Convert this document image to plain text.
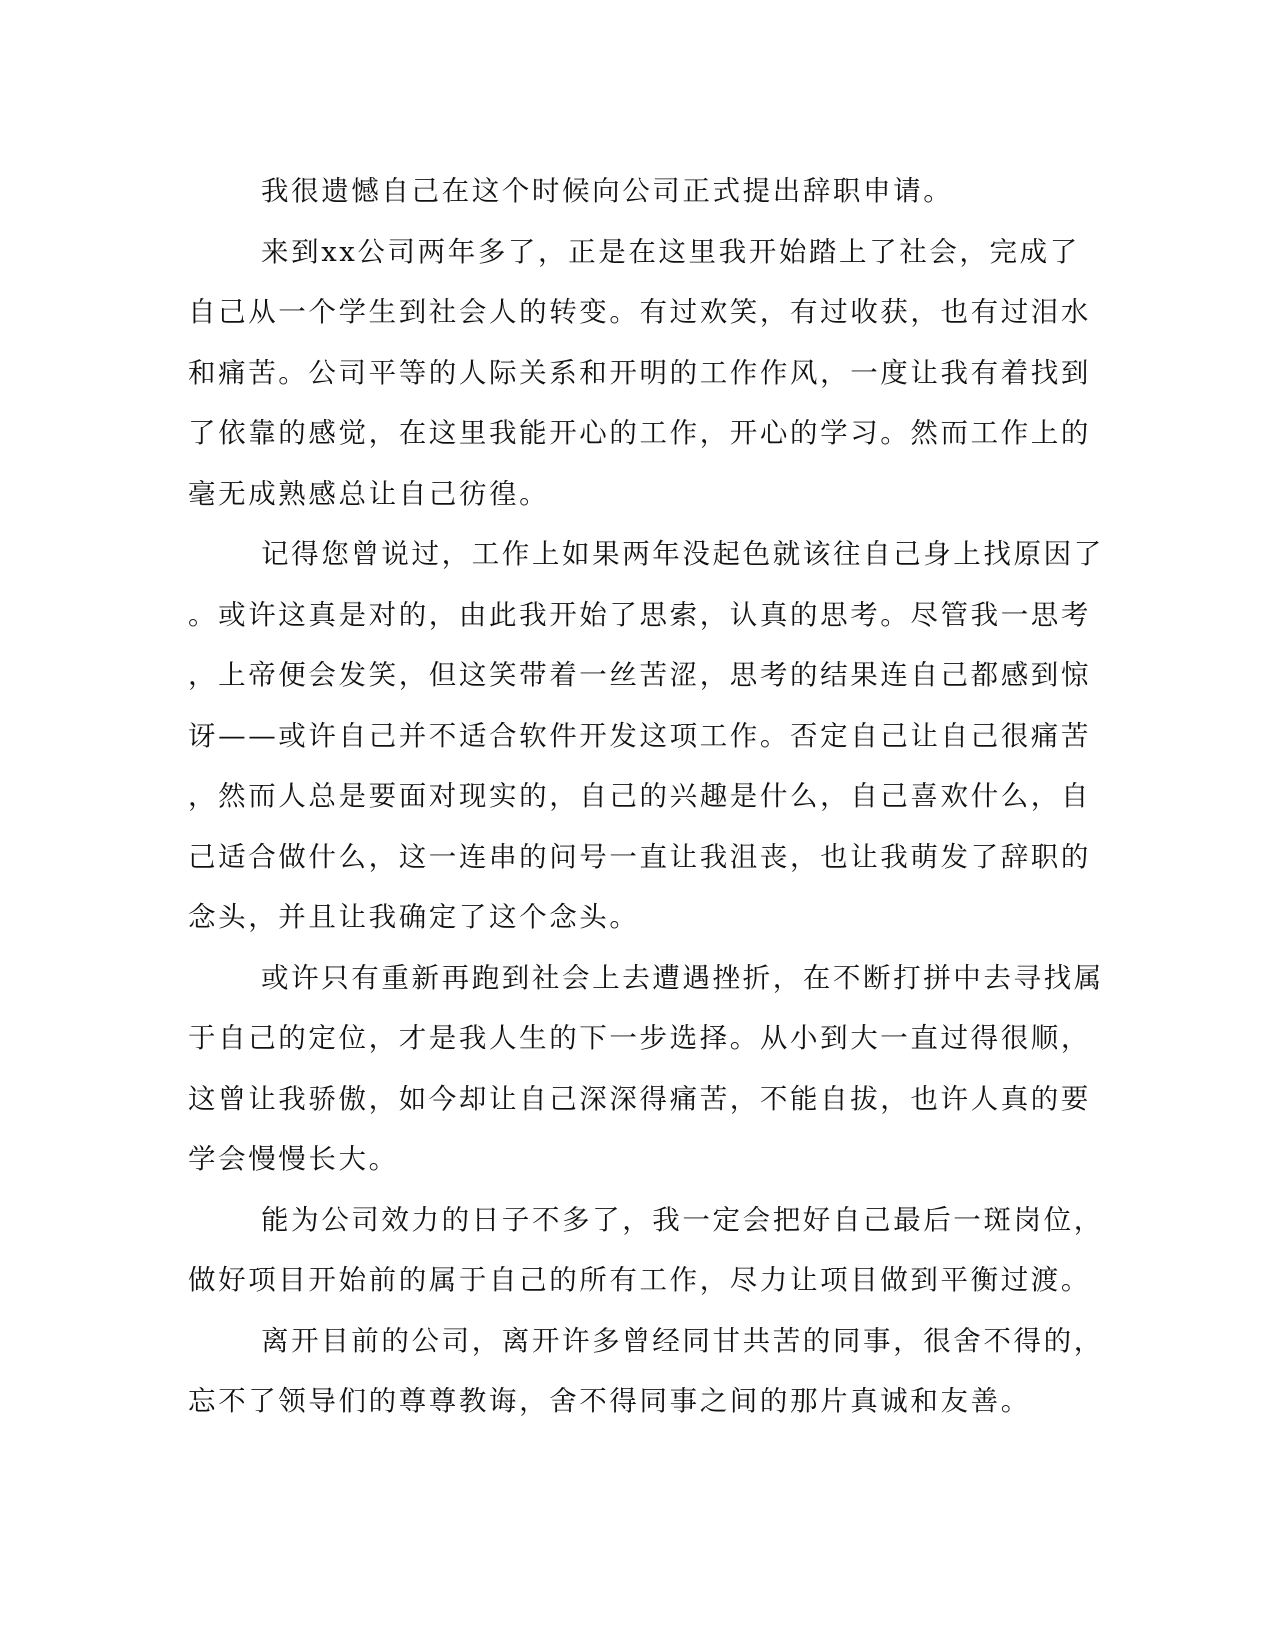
我很遗憾自己在这个时候向公司正式提出辞职申请。

来到xx公司两年多了，正是在这里我开始踏上了社会，完成了
自己从一个学生到社会人的转变。有过欢笑，有过收获，也有过泪水
和痛苦。公司平等的人际关系和开明的工作作风，一度让我有着找到
了依靠的感觉，在这里我能开心的工作，开心的学习。然而工作上的
毫无成熟感总让自己彷徨。

记得您曾说过，工作上如果两年没起色就该往自己身上找原因了
。或许这真是对的，由此我开始了思索，认真的思考。尽管我一思考
，上帝便会发笑，但这笑带着一丝苦涩，思考的结果连自己都感到惊
讶——或许自己并不适合软件开发这项工作。否定自己让自己很痛苦
，然而人总是要面对现实的，自己的兴趣是什么，自己喜欢什么，自
己适合做什么，这一连串的问号一直让我沮丧，也让我萌发了辞职的
念头，并且让我确定了这个念头。

或许只有重新再跑到社会上去遭遇挫折，在不断打拼中去寻找属
于自己的定位，才是我人生的下一步选择。从小到大一直过得很顺，
这曾让我骄傲，如今却让自己深深得痛苦，不能自拔，也许人真的要
学会慢慢长大。

能为公司效力的日子不多了，我一定会把好自己最后一斑岗位，
做好项目开始前的属于自己的所有工作，尽力让项目做到平衡过渡。

离开目前的公司，离开许多曾经同甘共苦的同事，很舍不得的，
忘不了领导们的尊尊教诲，舍不得同事之间的那片真诚和友善。
